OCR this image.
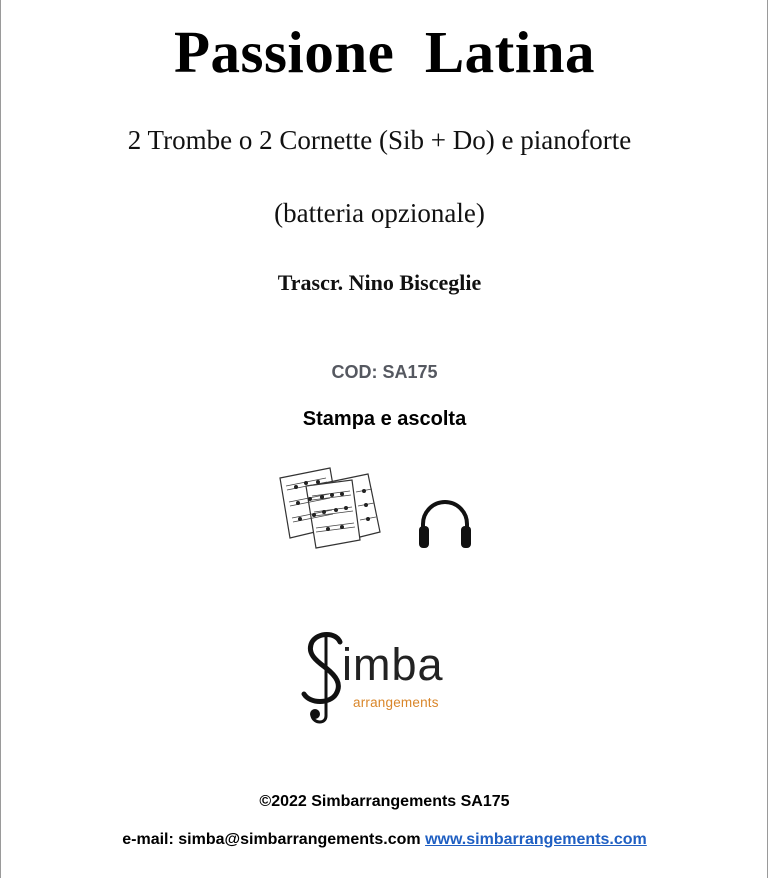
Passione  Latina
2 Trombe o 2 Cornette (Sib + Do) e pianoforte
(batteria opzionale)
Trascr. Nino Bisceglie
COD: SA175
Stampa e ascolta
imba
arrangements
©2022 Simbarrangements SA175
e-mail: simba@simbarrangements.com www.simbarrangements.com
